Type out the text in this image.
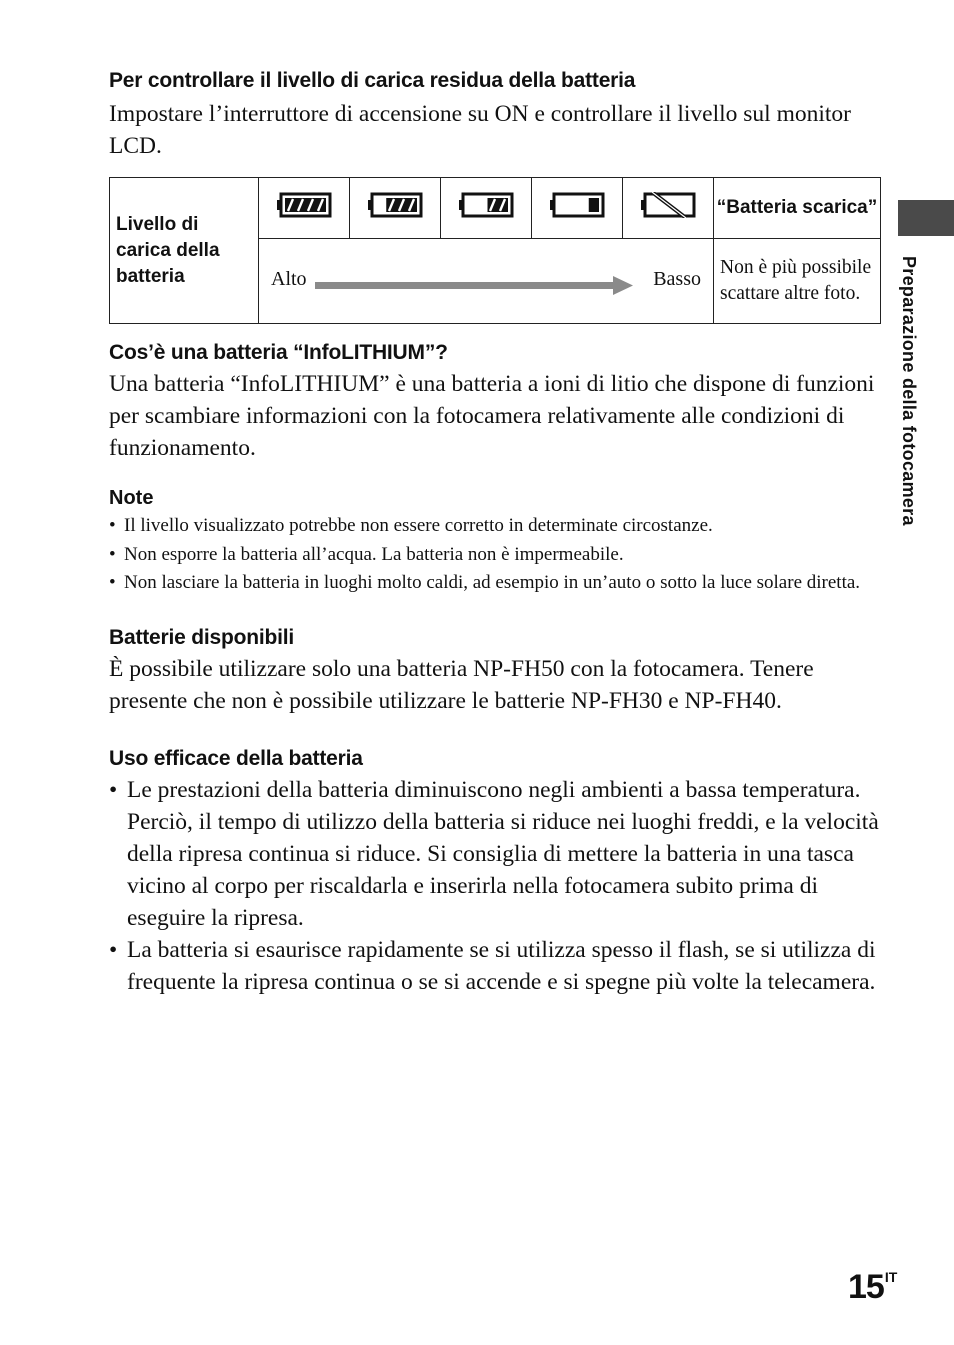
Preparazione della fotocamera
Per controllare il livello di carica residua della batteria

Impostare l’interruttore di accensione su ON e controllare il livello sul monitor LCD.

Livello di carica della batteria						“Batteria scarica”

	Alto Basso					Non è più possibile scattare altre foto.
Cos’è una batteria “InfoLITHIUM”?

Una batteria “InfoLITHIUM” è una batteria a ioni di litio che dispone di funzioni per scambiare informazioni con la fotocamera relativamente alle condizioni di funzionamento.

Note
• Il livello visualizzato potrebbe non essere corretto in determinate circostanze.
• Non esporre la batteria all’acqua. La batteria non è impermeabile.
• Non lasciare la batteria in luoghi molto caldi, ad esempio in un’auto o sotto la luce solare diretta.
Batterie disponibili

È possibile utilizzare solo una batteria NP-FH50 con la fotocamera. Tenere presente che non è possibile utilizzare le batterie NP-FH30 e NP-FH40.

Uso efficace della batteria
• Le prestazioni della batteria diminuiscono negli ambienti a bassa temperatura. Perciò, il tempo di utilizzo della batteria si riduce nei luoghi freddi, e la velocità della ripresa continua si riduce. Si consiglia di mettere la batteria in una tasca vicino al corpo per riscaldarla e inserirla nella fotocamera subito prima di eseguire la ripresa.
• La batteria si esaurisce rapidamente se si utilizza spesso il flash, se si utilizza di frequente la ripresa continua o se si accende e si spegne più volte la telecamera.
$15^{IT}$
